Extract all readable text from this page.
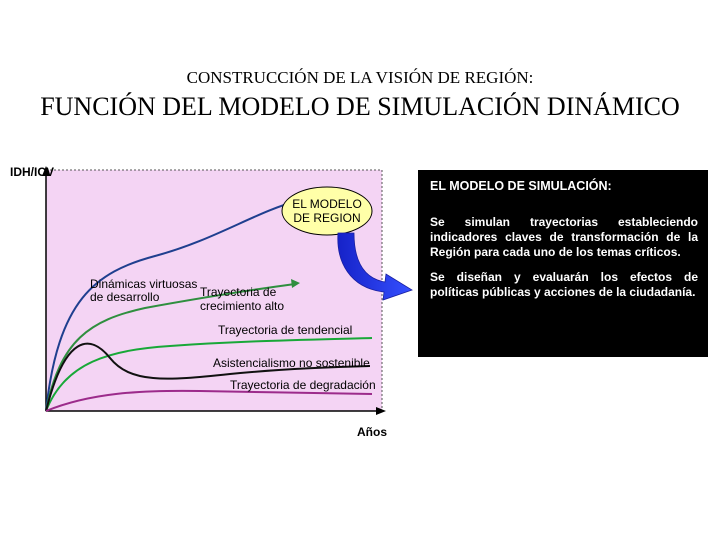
CONSTRUCCIÓN DE LA VISIÓN DE REGIÓN:
FUNCIÓN DEL MODELO DE SIMULACIÓN DINÁMICO
IDH/ICV
Años
EL MODELO
DE REGION
Dinámicas virtuosas
de desarrollo	Trayectoria de
crecimiento alto
Trayectoria de tendencial
Asistencialismo no sostenible
Trayectoria de degradación
EL MODELO DE SIMULACIÓN:

Se simulan trayectorias estableciendo indicadores claves de transformación de la Región para cada uno de los temas críticos.

Se diseñan y evaluarán los efectos de políticas públicas y acciones de la ciudadanía.
